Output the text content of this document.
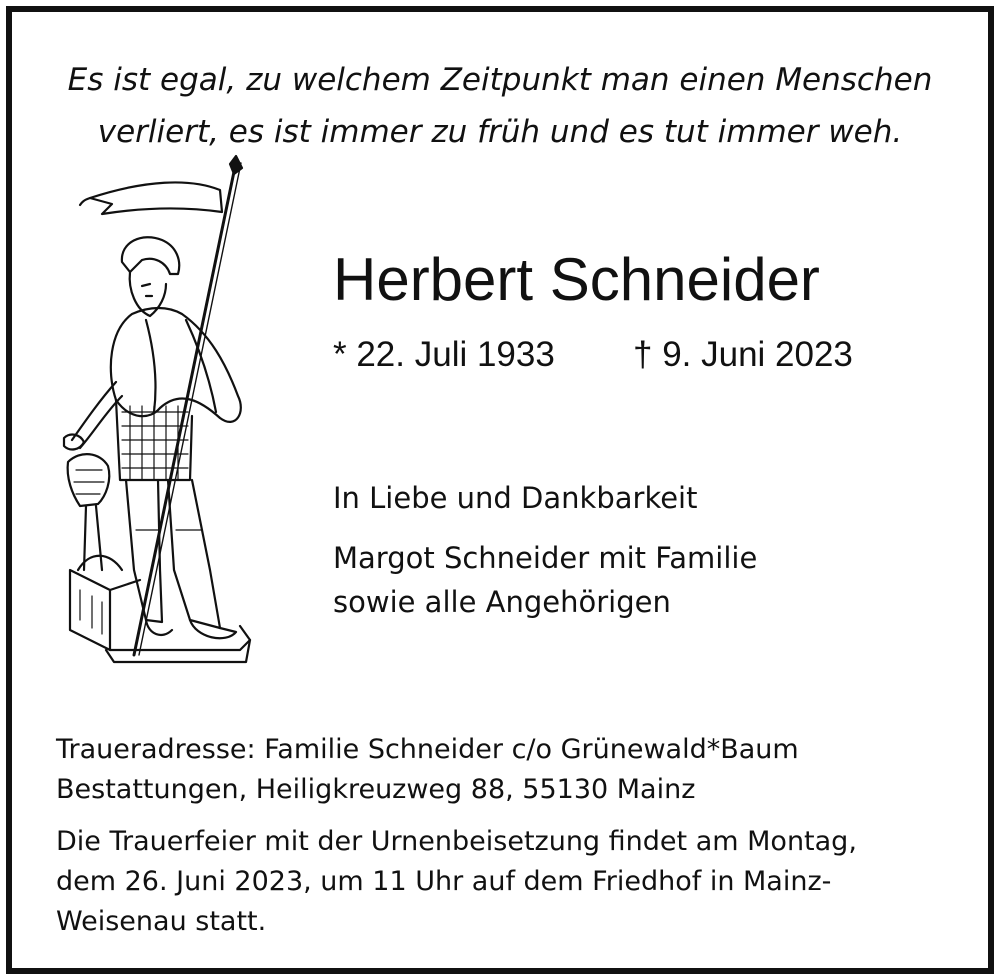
Es ist egal, zu welchem Zeitpunkt man einen Menschen
verliert, es ist immer zu früh und es tut immer weh.
Herbert Schneider
* 22. Juli 1933 † 9. Juni 2023
In Liebe und Dankbarkeit
Margot Schneider mit Familie
sowie alle Angehörigen
Traueradresse: Familie Schneider c/o Grünewald*Baum
Bestattungen, Heiligkreuzweg 88, 55130 Mainz
Die Trauerfeier mit der Urnenbeisetzung findet am Montag,
dem 26. Juni 2023, um 11 Uhr auf dem Friedhof in Mainz-
Weisenau statt.
